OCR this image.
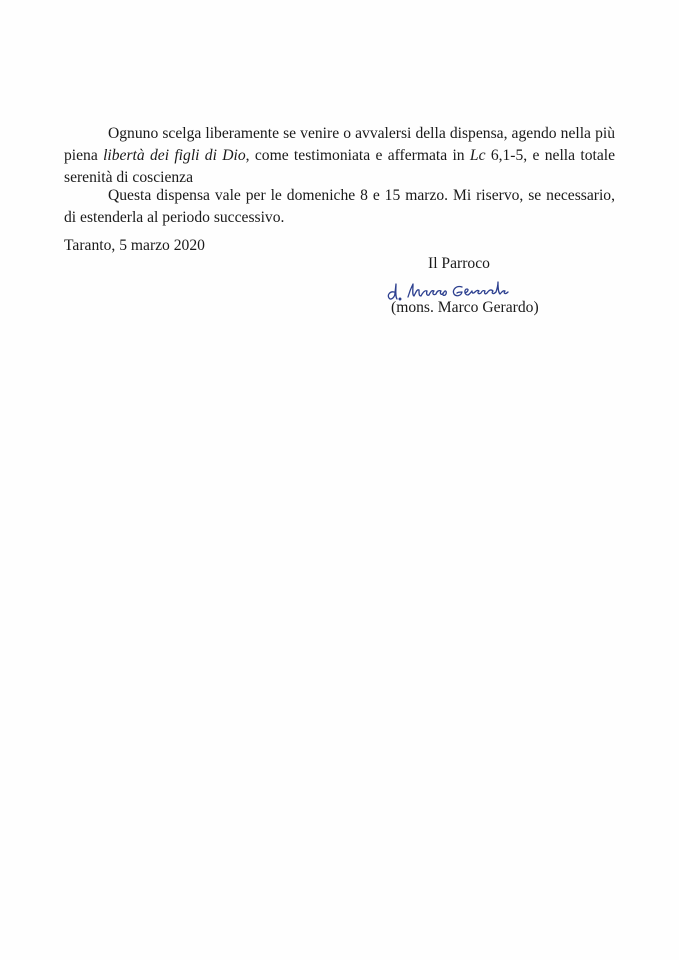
Ognuno scelga liberamente se venire o avvalersi della dispensa, agendo nella più piena libertà dei figli di Dio, come testimoniata e affermata in Lc 6,1-5, e nella totale serenità di coscienza

Questa dispensa vale per le domeniche 8 e 15 marzo. Mi riservo, se necessario, di estenderla al periodo successivo.

Taranto, 5 marzo 2020

Il Parroco

(mons. Marco Gerardo)
